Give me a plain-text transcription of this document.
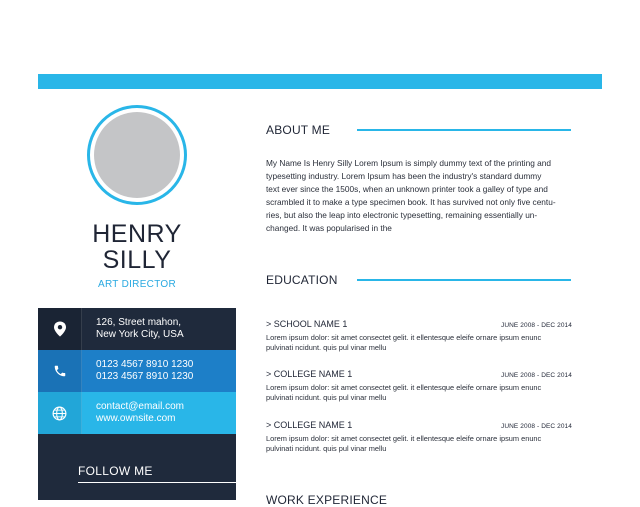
HENRY
SILLY
ART DIRECTOR
126, Street mahon,
New York City, USA
0123 4567 8910 1230
0123 4567 8910 1230
contact@email.com
www.ownsite.com
FOLLOW ME
ABOUT ME

My Name Is Henry Silly Lorem Ipsum is simply dummy text of the printing and
typesetting industry. Lorem Ipsum has been the industry's standard dummy
text ever since the 1500s, when an unknown printer took a galley of type and
scrambled it to make a type specimen book. It has survived not only five centu-
ries, but also the leap into electronic typesetting, remaining essentially un-
changed. It was popularised in the

EDUCATION
> SCHOOL NAME 1	JUNE 2008 - DEC 2014
Lorem ipsum dolor: sit amet consectet gelit. it ellentesque eleife ornare ipsum enunc
pulvinati ncidunt. quis pul vinar mellu
> COLLEGE NAME 1	JUNE 2008 - DEC 2014
Lorem ipsum dolor: sit amet consectet gelit. it ellentesque eleife ornare ipsum enunc
pulvinati ncidunt. quis pul vinar mellu
> COLLEGE NAME 1	JUNE 2008 - DEC 2014
Lorem ipsum dolor: sit amet consectet gelit. it ellentesque eleife ornare ipsum enunc
pulvinati ncidunt. quis pul vinar mellu
WORK EXPERIENCE
